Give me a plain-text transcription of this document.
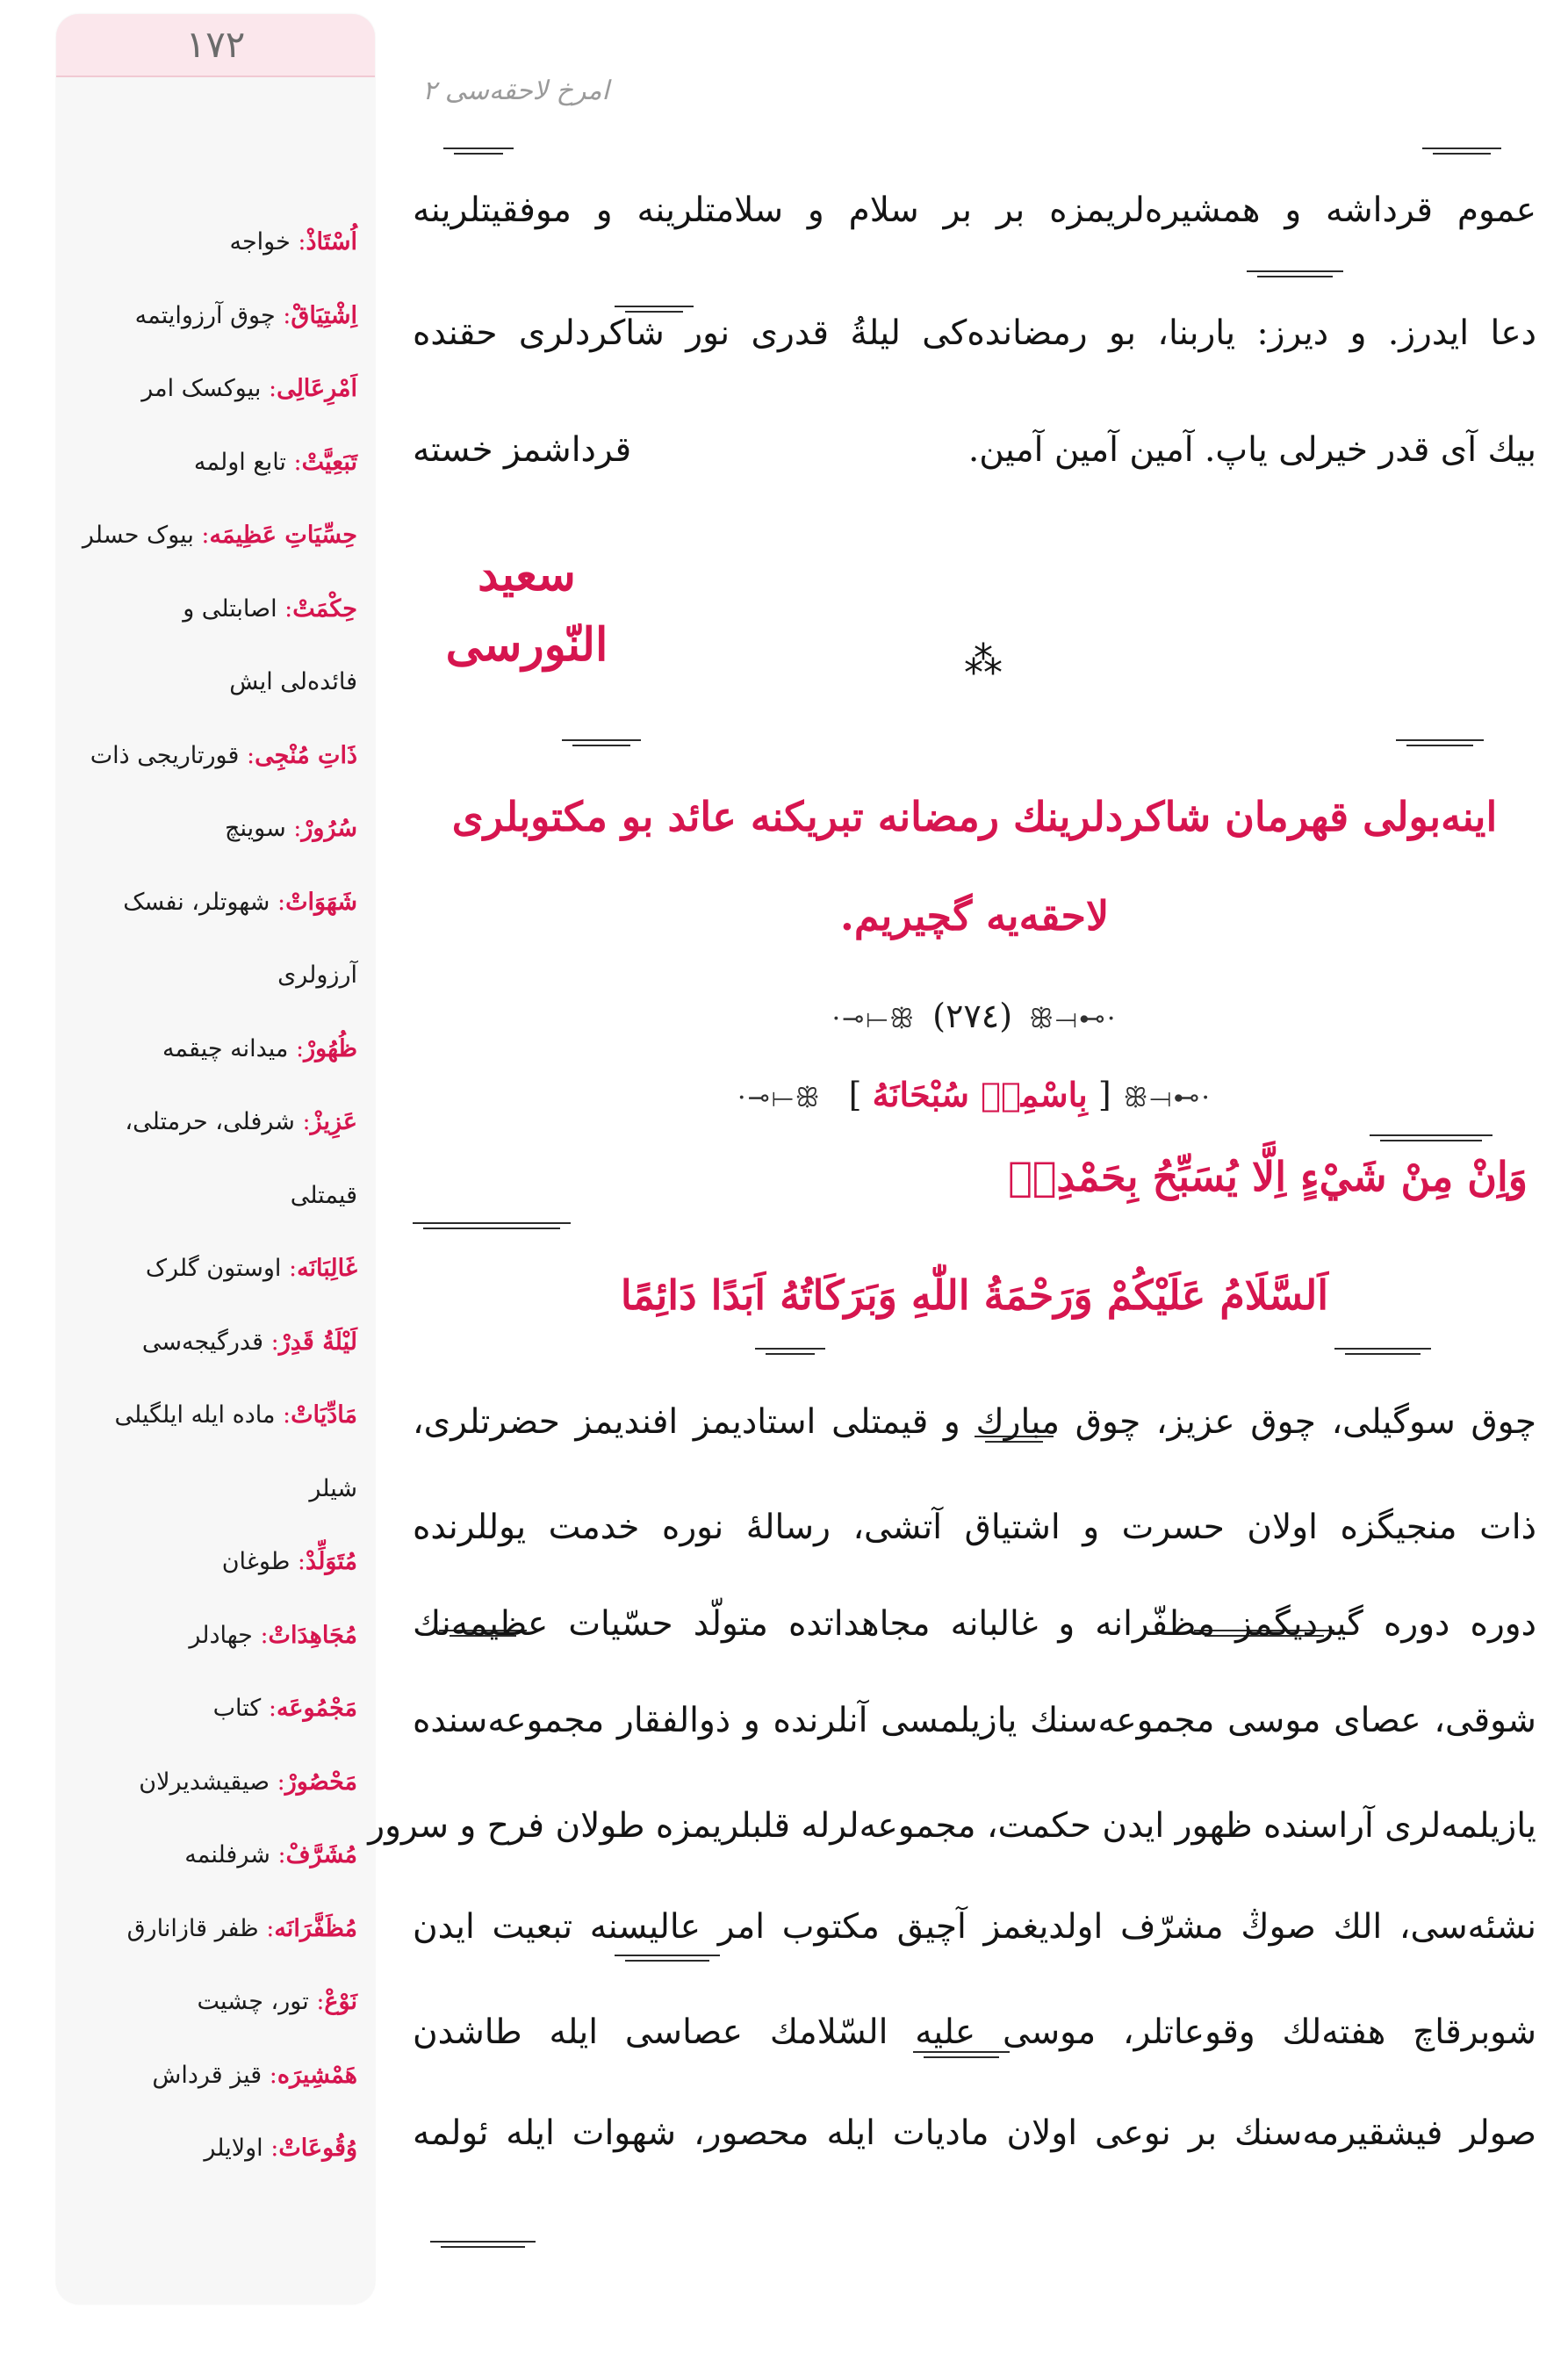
١٧٢
اُسْتَاذْ: خواجه
اِشْتِيَاقْ: چوق آرزوایتمه
اَمْرِعَالِى: بیوکسک امر
تَبَعِيَّتْ: تابع اولمه
حِسِّيَاتِ عَظِيمَه: بیوک حسلر
حِكْمَتْ: اصابتلی و
فائده‌لی ایش
ذَاتِ مُنْجِى: قورتاریجی ذات
سُرُورْ: سوینچ
شَهَوَاتْ: شهوتلر، نفسک
آرزولری
ظُهُورْ: میدانه چیقمه
عَزِيزْ: شرفلی، حرمتلی،
قیمتلی
غَالِبَانَه: اوستون گلرک
لَيْلَةُ قَدِرْ: قدرگیجه‌سی
مَادِّيَاتْ: ماده ایله ایلگیلی
شیلر
مُتَوَلِّدْ: طوغان
مُجَاهِدَاتْ: جهادلر
مَجْمُوعَه: کتاب
مَحْصُورْ: صیقیشدیرلان
مُشَرَّفْ: شرفلنمه
مُظَفَّرَانَه: ظفر قازانارق
نَوْعْ: تور، چشیت
هَمْشِيرَه: قیز قرداش
وُقُوعَاتْ: اولایلر
امرخ لاحقه‌سی ۲
عموم قرداشه و همشیره‌لریمزه بر بر سلام و سلامتلرینه و موفقیتلرینه
دعا ایدرز. و دیرز: یاربنا، بو رمضانده‌کی لیلةُ قدری نور شاکردلری حقنده
بیك آی قدر خیرلی یاپ. آمین آمین آمین.
قرداشمز خسته
سعید النّورسی	⁂
اینه‌بولی قهرمان شاکردلرینك رمضانه تبریکنه عائد بو مکتوبلری
لاحقه‌یه گچیریم.
·⊸⟝ꕥ (٢٧٤) ꕥ⟞⊷·
·⊸⟝ꕥ	[ بِاسْمِهٖ سُبْحَانَهُ ]	ꕥ⟞⊷·
وَاِنْ مِنْ شَيْءٍ اِلَّا يُسَبِّحُ بِحَمْدِهٖ
اَلسَّلَامُ عَلَيْكُمْ وَرَحْمَةُ اللّٰهِ وَبَرَكَاتُهُ اَبَدًا دَائِمًا
چوق سوگیلی، چوق عزیز، چوق مبارك و قیمتلی استادیمز افندیمز حضرتلری،
ذات منجیگزه اولان حسرت و اشتیاق آتشی، رسالهٔ نوره خدمت یوللرنده
دوره دوره گیردیگمز مظفّرانه و غالبانه مجاهداتده متولّد حسّیات عظیمه‌نك
شوقی، عصای موسی مجموعه‌سنك یازیلمسی آنلرنده و ذوالفقار مجموعه‌سنده
یازیلمه‌لری آراسنده ظهور ایدن حکمت، مجموعه‌لرله قلبلریمزه طولان فرح و سرور
نشئه‌سی، الك صوڭ مشرّف اولدیغمز آچیق مکتوب امر عالیسنه تبعیت ایدن
شوبرقاچ هفته‌لك وقوعاتلر، موسی علیه السّلامك عصاسی ایله طاشدن
صولر فیشقیرمه‌سنك بر نوعی اولان مادیات ایله محصور، شهوات ایله ئولمه
